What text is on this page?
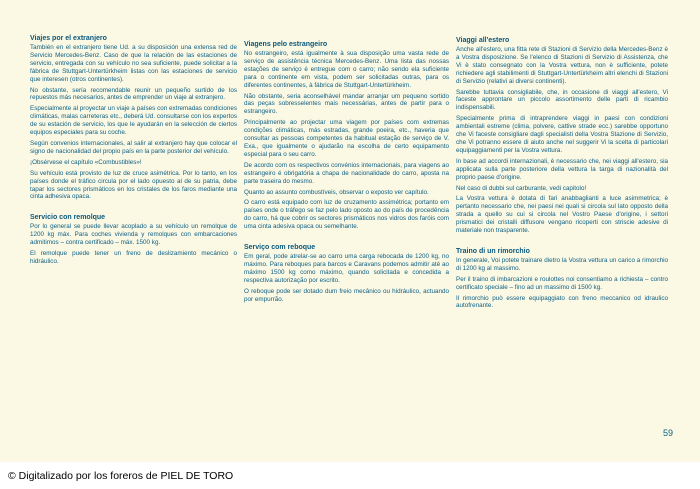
Viajes por el extranjero

También en el extranjero tiene Ud. a su disposición una extensa red de Servicio Mercedes-Benz. Caso de que la relación de las estaciones de servicio, entregada con su vehículo no sea suficiente, puede solicitar a la fábrica de Stuttgart-Untertürkheim listas con las estaciones de servicio que interesen (otros continentes).

No obstante, sería recomendable reunir un pequeño surtido de los repuestos más necesarios, antes de emprender un viaje al extranjero.

Especialmente al proyectar un viaje a países con extremadas condiciones climáticas, malas carreteras etc., deberá Ud. consultarse con los expertos de su estación de servicio, los que le ayudarán en la selección de ciertos equipos especiales para su coche.

Según convenios internacionales, al salir al extranjero hay que colocar el signo de nacionalidad del propio país en la parte posterior del vehículo.

¡Obsérvese el capítulo «Combustibles»!

Su vehículo está provisto de luz de cruce asimétrica. Por lo tanto, en los países donde el tráfico circula por el lado opuesto al de su patria, debe tapar los sectores prismáticos en los cristales de los faros mediante una cinta adhesiva opaca.

Servicio con remolque

Por lo general se puede llevar acoplado a su vehículo un remolque de 1200 kg máx. Para coches vivienda y remolques con embarcaciones admitimos – contra certificado – máx. 1500 kg.

El remolque puede tener un freno de deslizamiento mecánico o hidráulico.

Viagens pelo estrangeiro

No estrangeiro, está igualmente à sua disposição uma vasta rede de serviço de assistência técnica Mercedes-Benz. Uma lista das nossas estações de serviço é entregue com o carro; não sendo ela suficiente para o continente em vista, podem ser solicitadas outras, para os diferentes continentes, à fábrica de Stuttgart-Untertürkheim.

Não obstante, seria aconselhável mandar arranjar um pequeno sortido das peças sobresselentes mais necessárias, antes de partir para o estrangeiro.

Principalmente ao projectar uma viagem por países com extremas condições climáticas, más estradas, grande poeira, etc., haveria que consultar as pessoas competentes da habitual estação de serviço de V. Exa., que igualmente o ajudarão na escolha de certo equipamento especial para o seu carro.

De acordo com os respectivos convénios internacionais, para viagens ao estrangeiro é obrigatória a chapa de nacionalidade do carro, aposta na parte traseira do mesmo.

Quanto ao assunto combustíveis, observar o exposto ver capítulo.

O carro está equipado com luz de cruzamento assimétrica; portanto em países onde o tráfego se faz pelo lado oposto ao do país de procedência do carro, há que cobrir os sectores prismáticos nos vidros dos faróis com uma cinta adesiva opaca ou semelhante.

Serviço com reboque

Em geral, pode atrelar-se ao carro uma carga rebocada de 1200 kg, no máximo. Para reboques para barcos e Caravans podemos admitir até ao máximo 1500 kg como máximo, quando solicitada e concedida a respectiva autorização por escrito.

O reboque pode ser dotado dum freio mecânico ou hidráulico, actuando por empurrão.

Viaggi all'estero

Anche all'estero, una fitta rete di Stazioni di Servizio della Mercedes-Benz è a Vostra disposizione. Se l'elenco di Stazioni di Servizio di Assistenza, che Vi è stato consegnato con la Vostra vettura, non è sufficiente, potete richiedere agli stabilimenti di Stuttgart-Untertürkheim altri elenchi di Stazioni di Servizio (relativi ai diversi continenti).

Sarebbe tuttavia consigliabile, che, in occasione di viaggi all'estero, Vi faceste approntare un piccolo assortimento delle parti di ricambio indispensabili.

Specialmente prima di intraprendere viaggi in paesi con condizioni ambientali estreme (clima, polvere, cattive strade ecc.) sarebbe opportuno che Vi faceste consigliare dagli specialisti della Vostra Stazione di Servizio, che Vi potranno essere di aiuto anche nel suggerir Vi la scelta di particolari equipaggiamenti per la Vostra vettura.

In base ad accordi internazionali, è necessario che, nei viaggi all'estero, sia applicata sulla parte posteriore della vettura la targa di nazionalità del proprio paese d'origine.

Nel caso di dubbi sul carburante, vedi capitolo!

La Vostra vettura è dotata di fari anabbaglianti a luce asimmetrica; è pertanto necessario che, nei paesi nei quali si circola sul lato opposto della strada a quello su cui si circola nel Vostro Paese d'origine, i settori prismatici dei cristalli diffusore vengano ricoperti con striscie adesive di materiale non trasparente.

Traino di un rimorchio

In generale, Voi potete trainare dietro la Vostra vettura un carico a rimorchio di 1200 kg al massimo.

Per il traino di imbarcazioni e roulottes noi consentiamo a richiesta – contro certificato speciale – fino ad un massimo di 1500 kg.

Il rimorchio può essere equipaggiato con freno meccanico od idraulico autofrenante.

59
© Digitalizado por los foreros de PIEL DE TORO
